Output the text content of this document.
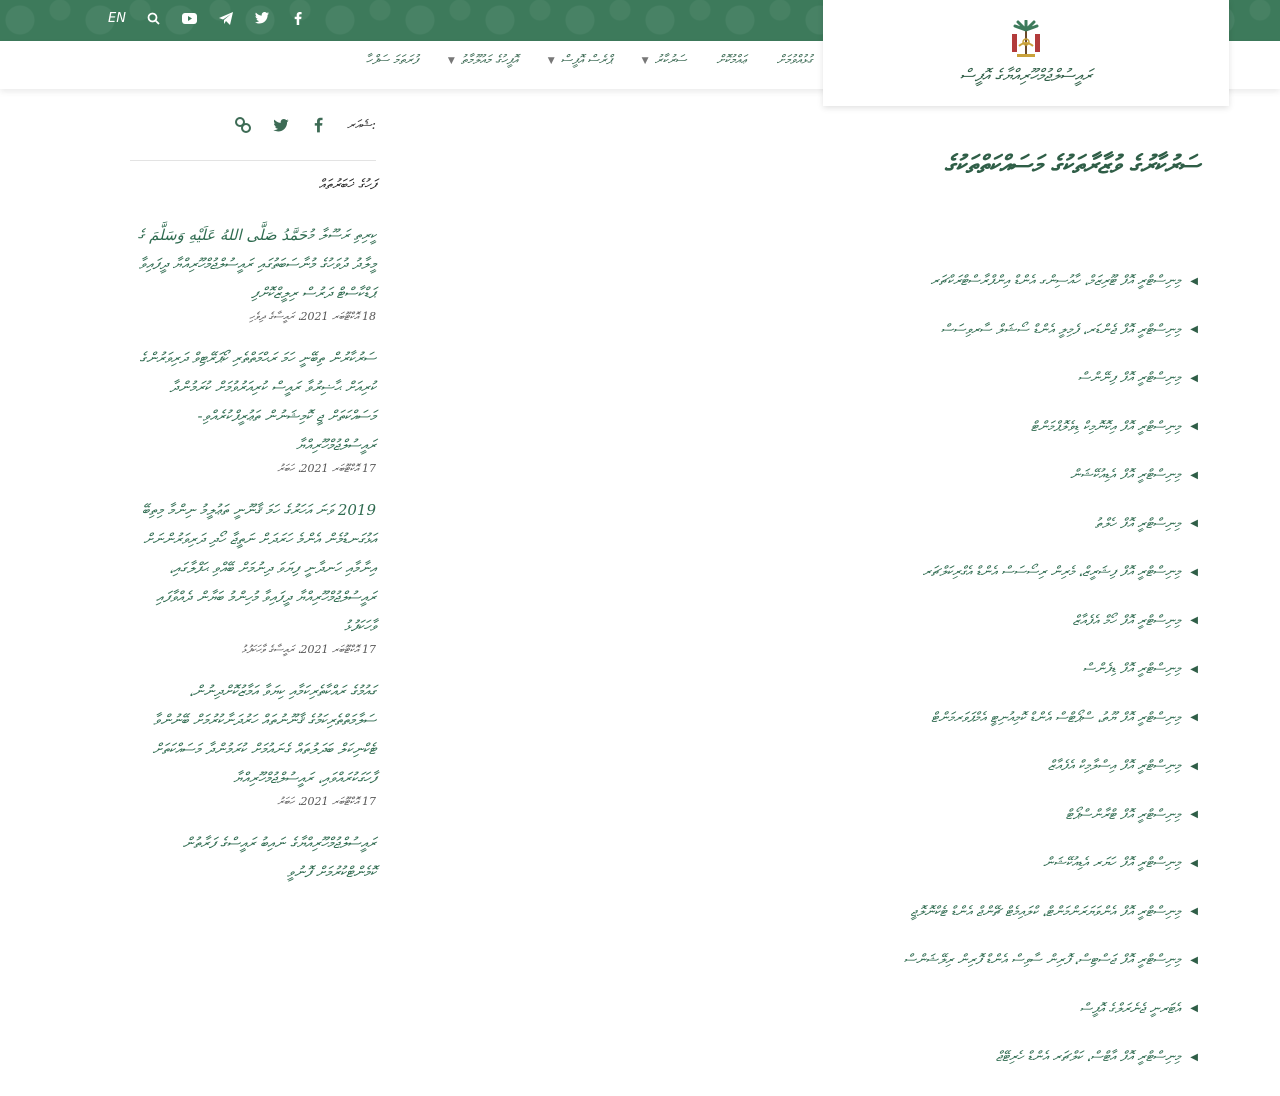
EN
ފުރަތަމަ ސަފްހާ	އޮފީހުގެ މައުލޫމާތު
▼	ޕްރެސް އޮފީސް
▼	ސަރުކާރު
▼	ޢައްމުކޮށް ގުޅުއްވުމަށް
ރައީސުލްޖުމްހޫރިއްޔާގެ އޮފީސް
ޝެއަރ:
ފަހުގެ ޚަބަރުތައް
ކީރިތި ރަސޫލާ މުحَمَّدُ صَلَّى اللهُ عَلَيْهِ وَسَلَّمَ ގެ މީލާދު ދުވަހުގެ މުނާސަބަތުގައި ރައީސުލްޖުމްހޫރިއްޔާ ދީފައިވާ ޕަޑްކާސްޓް ދަރުސް ރިލީޒްކޮށްފި
18 އޮކްޓޫބަރ 2021، ރައީސާގެ ދިވެހި
ސަރުކާރުން ތިބޭނީ ހަމަ ރަޙްމަތްތެރި ކޯޕަރޭޓިވް ދަރިވަރުންގެ ކުރިއަށް ޙާޟިރުވާ ރައީސް ކުރިއަރުވުމަށް ކުރަމުންދާ މަސައްކަތަށް ޖީ ކޮމިޝަނުން ތަޢުރީފްކުރެއްވި- ރައީސުލްޖުމްހޫރިއްޔާ
17 އޮކްޓޫބަރ 2021، ހަބަރު
2019 ވަނަ އަހަރުގެ ހަމަ ޤާނޫނީ ތަޢުލީމު ނިންމާ މިތިބޭ އަޅުގަނޑުމެން އެންމެ ހަރަދަށް ނަތީޖާ ހޯދި ދަރިވަރުންނަށް އިނާމާއި ހަނދާނީ ފިޔަވަ ދިނުމަށް ބޭއްވި ޙަފްލާގައި، ރައީސުލްޖުމްހޫރިއްޔާ ދީފައިވާ މުހިންމު ބަޔާން ދެއްވާފައި ވާހަކަފުޅު
17 އޮކްޓޫބަރ 2021، ރައީސާގެ ވާހަކަފުޅު
ގައުމުގެ ރައްކާތެރިކަމާއި ކިޔަވާ އަމާޒުކޮށްދިނުން، ސަލާމަތްތެރިކަމުގެ ޤާނޫނުތައް ހަރުދަނާކުރުމަށް ބޭނުންވާ ޓެކްނިކަލް ބަދަލުތައް ގެނައުމަށް ކުރަމުންދާ މަސައްކަތަށް ފާހަގަކުރައްވައި، ރައީސުލްޖުމްހޫރިއްޔާ
17 އޮކްޓޫބަރ 2021، ހަބަރު
ރައީސުލްޖުމްހޫރިއްޔާގެ ނައިބު ރައީސްގެ ފަރާތުން ކޮމެންޓްކުރުމަށް ފޮނުވީ
ސަރުކާރުގެ ވުޒާރާތަކުގެ މަސައްކަތްތަކުގެ
◀
މިނިސްޓްރީ އޮފް ޓޫރިޒަމް، ހާއުސިންގ އެންޑް އިންފްރާސްޓްރަކްޗަރ
◀
މިނިސްޓްރީ އޮފް ޖެންޑަރ، ފެމިލީ އެންޑް ސޯޝަލް ސާރވިސަސް
◀
މިނިސްޓްރީ އޮފް ފިނޭންސް
◀
މިނިސްޓްރީ އޮފް އިކޮނޮމިކް ޑިވެލޮޕްމަންޓް
◀
މިނިސްޓްރީ އޮފް އެޑިއުކޭޝަން
◀
މިނިސްޓްރީ އޮފް ހެލްތު
◀
މިނިސްޓްރީ އޮފް ފިޝަރީޒް، މެރިން ރިސޯސަސް އެންޑް އެގްރިކަލްޗަރ
◀
މިނިސްޓްރީ އޮފް ހޯމް އެފެއާޒް
◀
މިނިސްޓްރީ އޮފް ޑިފެންސް
◀
މިނިސްޓްރީ އޮފް ޔޫތު، ސްޕޯޓްސް އެންޑް ކޮމިއުނިޓީ އެމްޕަވަރމަންޓް
◀
މިނިސްޓްރީ އޮފް އިސްލާމިކް އެފެއާޒް
◀
މިނިސްޓްރީ އޮފް ޓްރާންސްޕޯޓް
◀
މިނިސްޓްރީ އޮފް ހަޔަރ އެޑިއުކޭޝަން
◀
މިނިސްޓްރީ އޮފް އެންވަޔަރަންމަންޓް، ކްލައިމެޓް ޗޭންޖް އެންޑް ޓެކްނޮލޮޖީ
◀
މިނިސްޓްރީ އޮފް ޖަސްޓިސް، ފޮރިން ސާވިސް އެންޑް ފޮރިން ރިލޭޝަންސް
◀
އެޓަރނީ ޖެނެރަލްގެ އޮފީސް
◀
މިނިސްޓްރީ އޮފް އާޓްސް، ކަލްޗަރ އެންޑް ހެރިޓޭޖް
